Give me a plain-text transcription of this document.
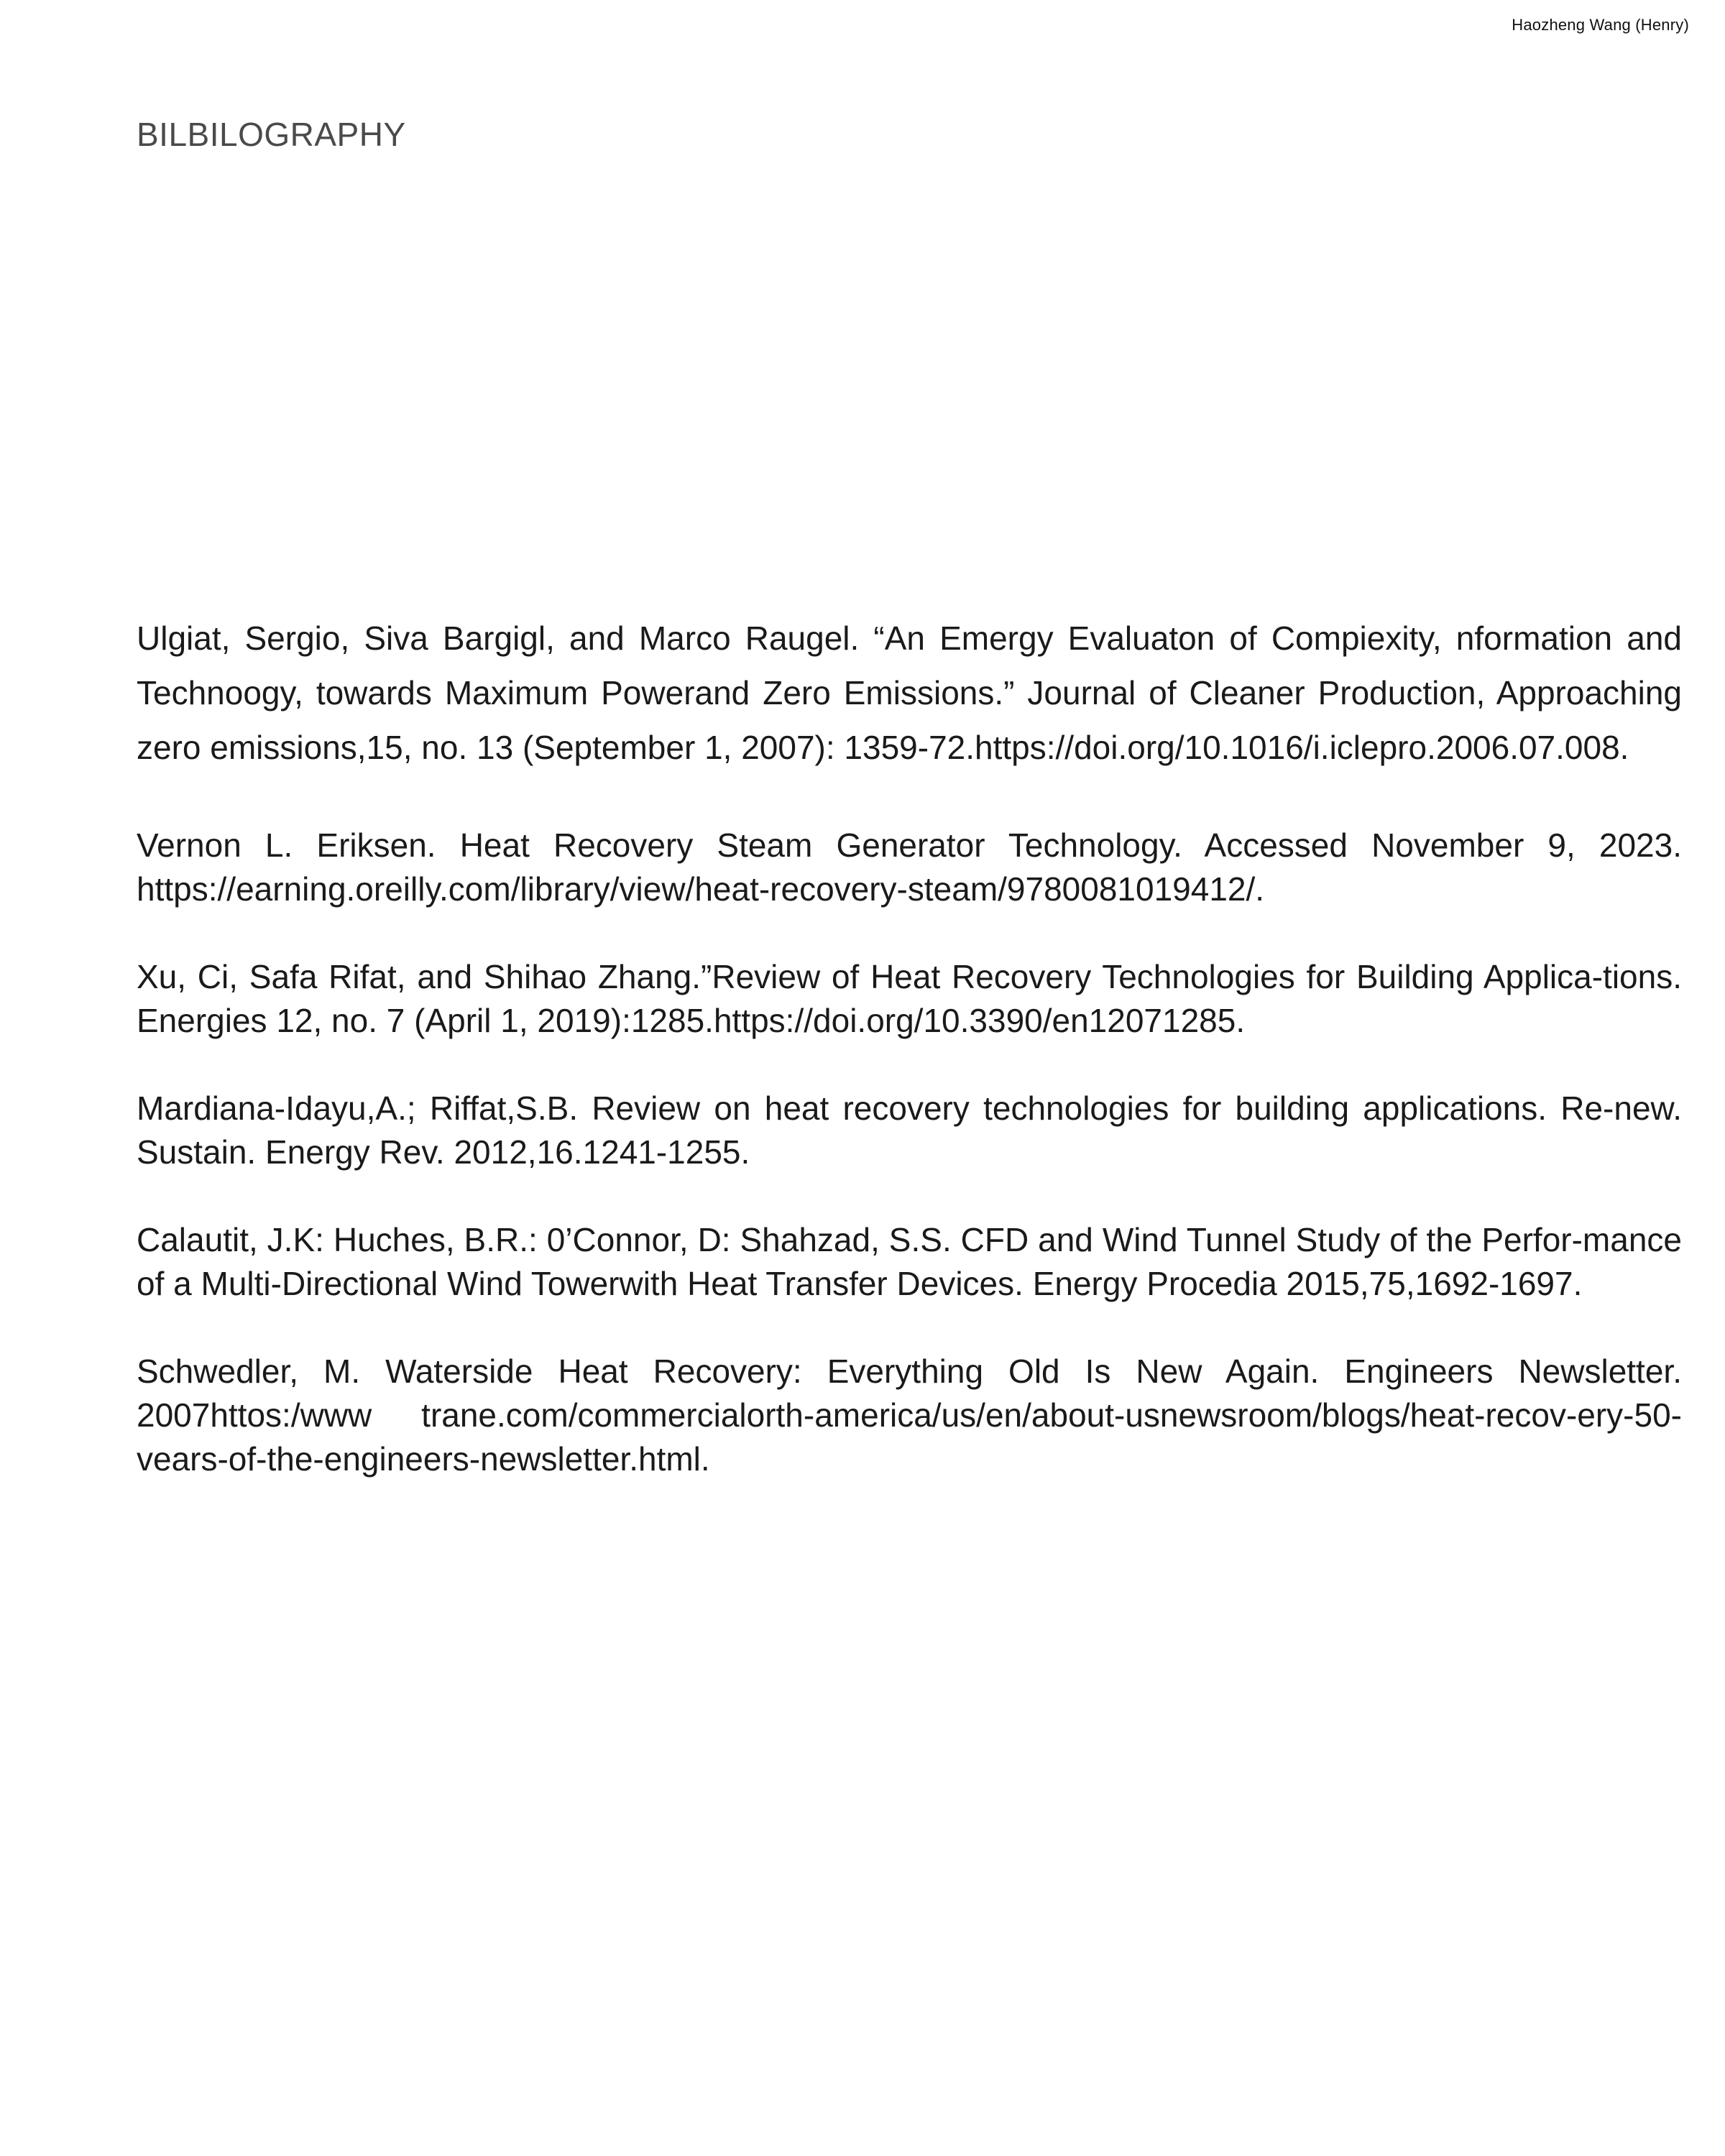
Haozheng Wang (Henry)
BILBILOGRAPHY
Ulgiat, Sergio, Siva Bargigl, and Marco Raugel. “An Emergy Evaluaton of Compiexity, nformation and Technoogy, towards Maximum Powerand Zero Emissions.” Journal of Cleaner Production, Approaching zero emissions,15, no. 13 (September 1, 2007): 1359-72.https://doi.org/10.1016/i.iclepro.2006.07.008.
Vernon L. Eriksen. Heat Recovery Steam Generator Technology. Accessed November 9, 2023. https://earning.oreilly.com/library/view/heat-recovery-steam/9780081019412/.
Xu, Ci, Safa Rifat, and Shihao Zhang.”Review of Heat Recovery Technologies for Building Applica-tions. Energies 12, no. 7 (April 1, 2019):1285.https://doi.org/10.3390/en12071285.
Mardiana-Idayu,A.; Riffat,S.B. Review on heat recovery technologies for building applications. Re-new. Sustain. Energy Rev. 2012,16.1241-1255.
Calautit, J.K: Huches, B.R.: 0’Connor, D: Shahzad, S.S. CFD and Wind Tunnel Study of the Perfor-mance of a Multi-Directional Wind Towerwith Heat Transfer Devices. Energy Procedia 2015,75,1692-1697.
Schwedler, M. Waterside Heat Recovery: Everything Old Is New Again. Engineers Newsletter. 2007httos:/www trane.com/commercialorth-america/us/en/about-usnewsroom/blogs/heat-recov-ery-50-vears-of-the-engineers-newsletter.html.
